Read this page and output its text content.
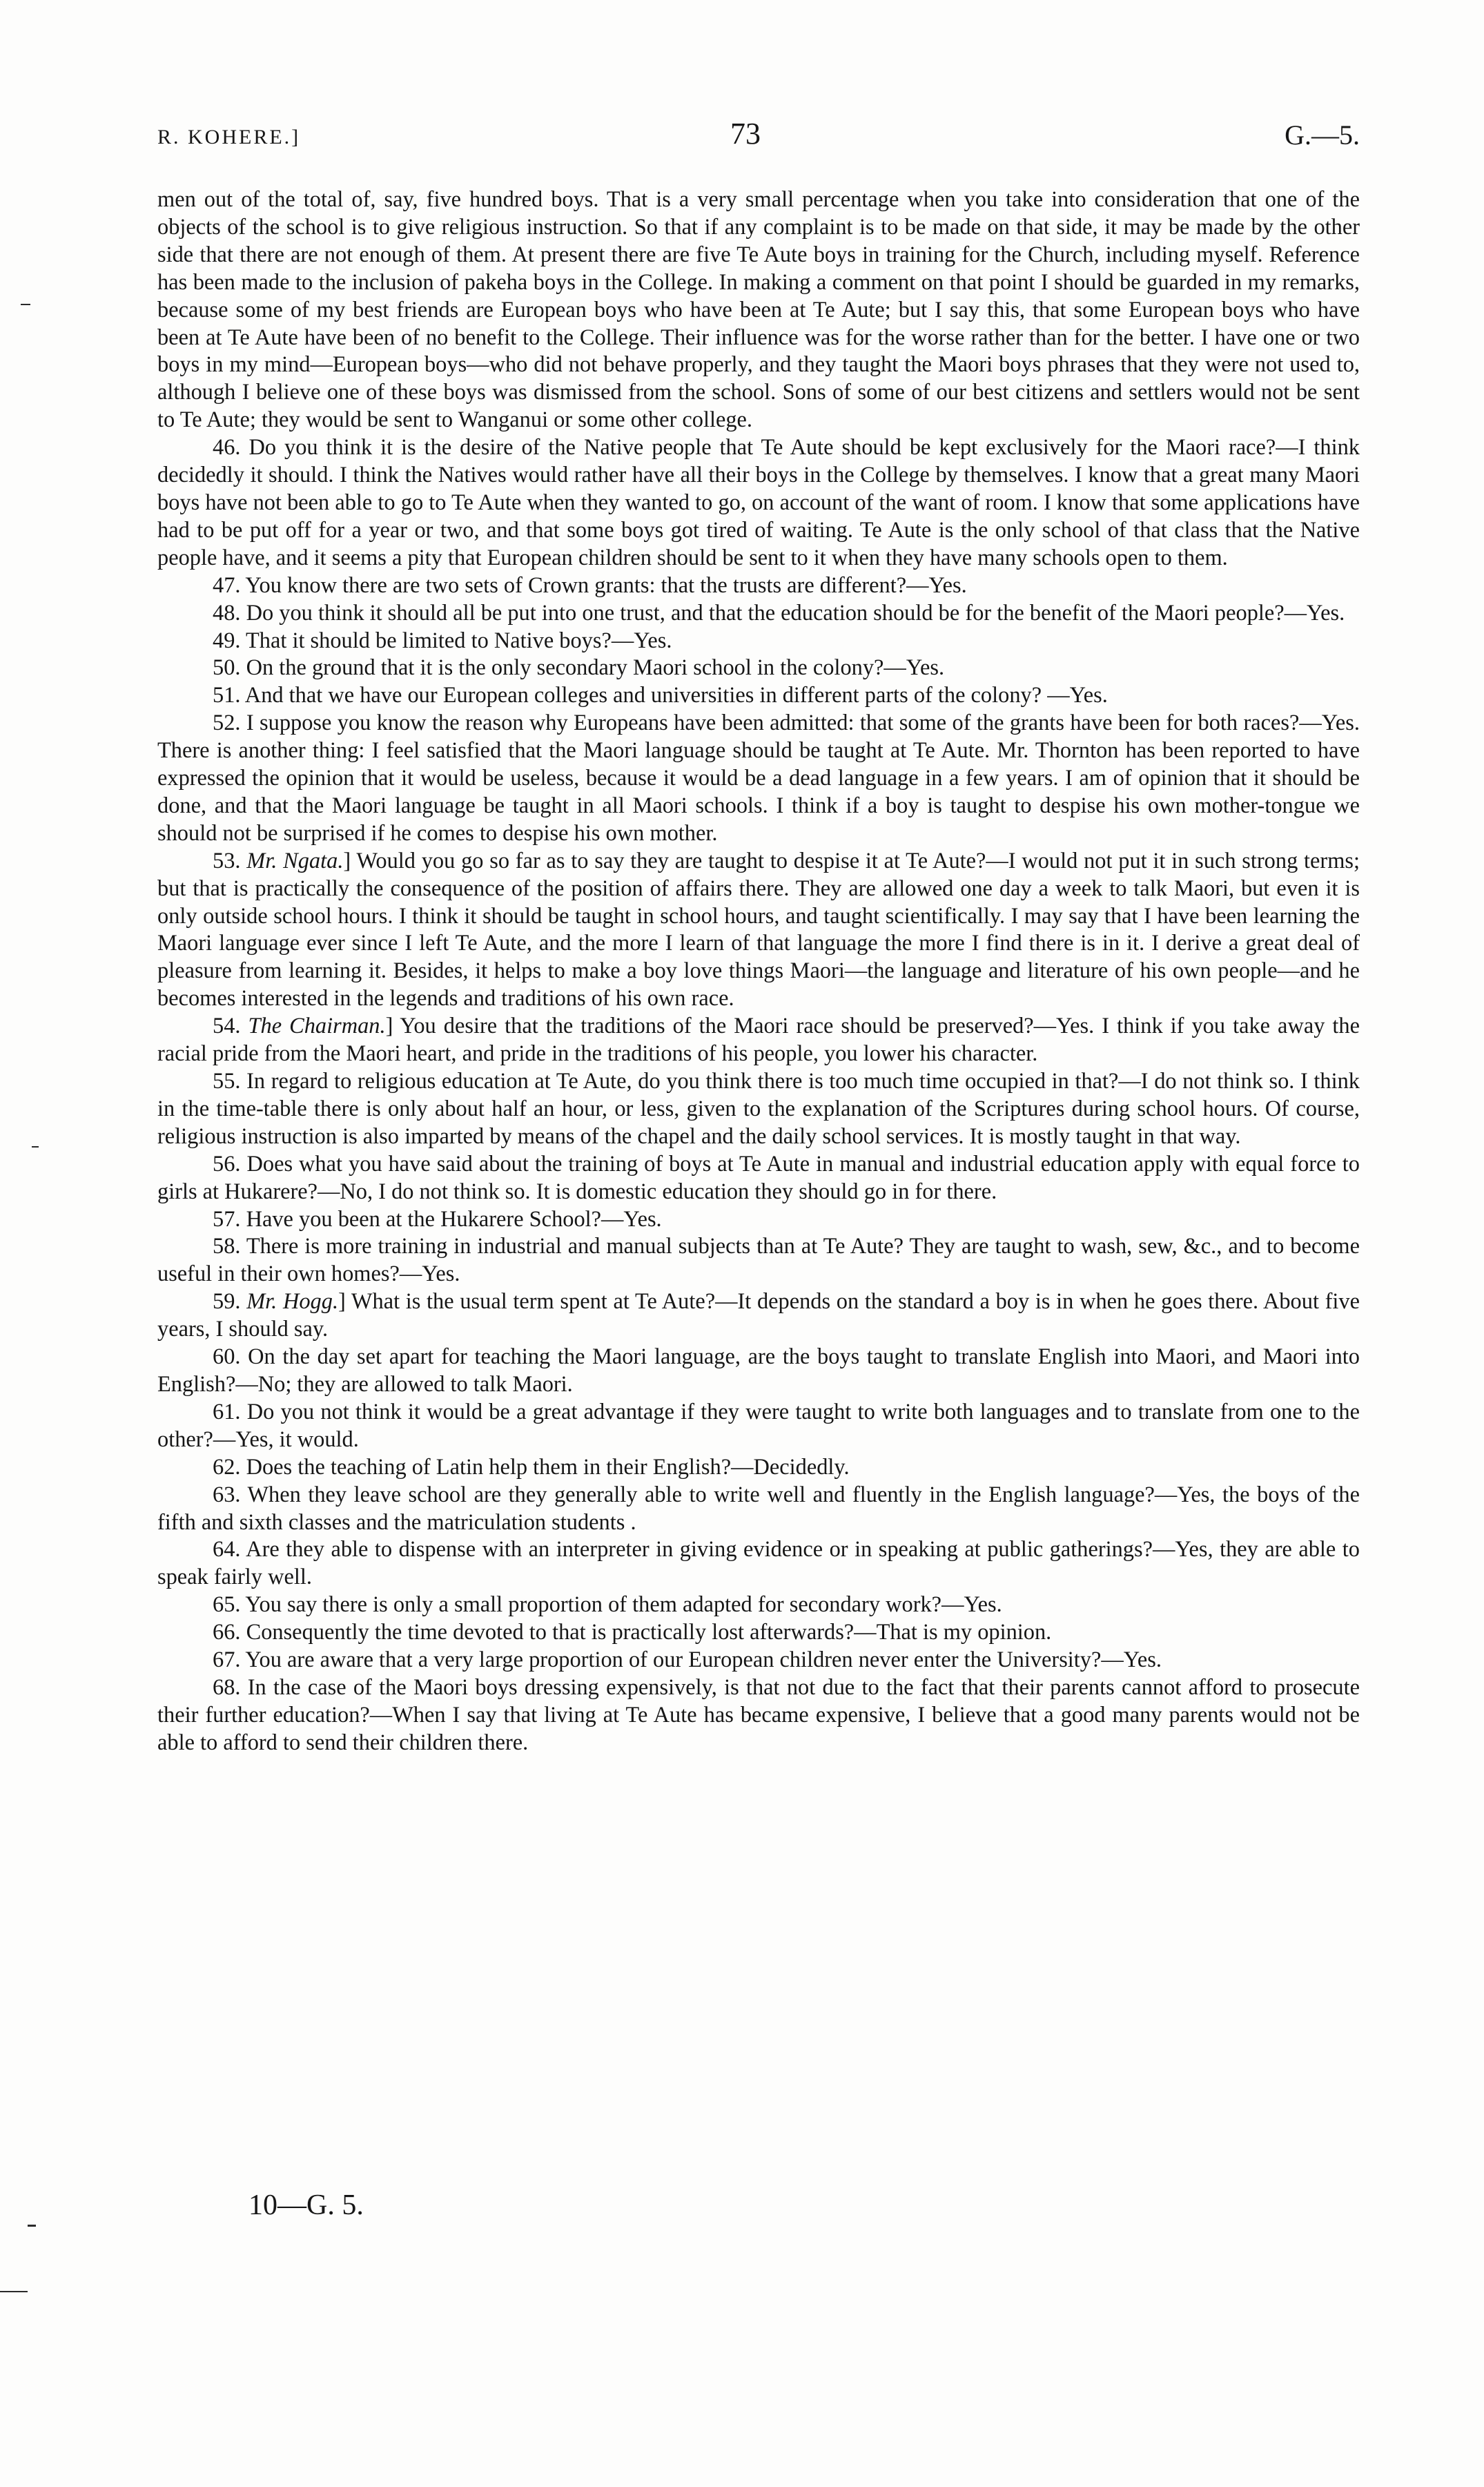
R. KOHERE.]	73	G.—5.

men out of the total of, say, five hundred boys. That is a very small percentage when you take into consideration that one of the objects of the school is to give religious instruction. So that if any complaint is to be made on that side, it may be made by the other side that there are not enough of them. At present there are five Te Aute boys in training for the Church, including myself. Reference has been made to the inclusion of pakeha boys in the College. In making a comment on that point I should be guarded in my remarks, because some of my best friends are European boys who have been at Te Aute; but I say this, that some European boys who have been at Te Aute have been of no benefit to the College. Their influence was for the worse rather than for the better. I have one or two boys in my mind—European boys—who did not behave properly, and they taught the Maori boys phrases that they were not used to, although I believe one of these boys was dismissed from the school. Sons of some of our best citizens and settlers would not be sent to Te Aute; they would be sent to Wanganui or some other college.

46. Do you think it is the desire of the Native people that Te Aute should be kept exclusively for the Maori race?—I think decidedly it should. I think the Natives would rather have all their boys in the College by themselves. I know that a great many Maori boys have not been able to go to Te Aute when they wanted to go, on account of the want of room. I know that some applications have had to be put off for a year or two, and that some boys got tired of waiting. Te Aute is the only school of that class that the Native people have, and it seems a pity that European children should be sent to it when they have many schools open to them.

47. You know there are two sets of Crown grants: that the trusts are different?—Yes.

48. Do you think it should all be put into one trust, and that the education should be for the benefit of the Maori people?—Yes.

49. That it should be limited to Native boys?—Yes.

50. On the ground that it is the only secondary Maori school in the colony?—Yes.

51. And that we have our European colleges and universities in different parts of the colony? —Yes.

52. I suppose you know the reason why Europeans have been admitted: that some of the grants have been for both races?—Yes. There is another thing: I feel satisfied that the Maori language should be taught at Te Aute. Mr. Thornton has been reported to have expressed the opinion that it would be useless, because it would be a dead language in a few years. I am of opinion that it should be done, and that the Maori language be taught in all Maori schools. I think if a boy is taught to despise his own mother-tongue we should not be surprised if he comes to despise his own mother.

53. Mr. Ngata.] Would you go so far as to say they are taught to despise it at Te Aute?—I would not put it in such strong terms; but that is practically the consequence of the position of affairs there. They are allowed one day a week to talk Maori, but even it is only outside school hours. I think it should be taught in school hours, and taught scientifically. I may say that I have been learning the Maori language ever since I left Te Aute, and the more I learn of that language the more I find there is in it. I derive a great deal of pleasure from learning it. Besides, it helps to make a boy love things Maori—the language and literature of his own people—and he becomes interested in the legends and traditions of his own race.

54. The Chairman.] You desire that the traditions of the Maori race should be preserved?—Yes. I think if you take away the racial pride from the Maori heart, and pride in the traditions of his people, you lower his character.

55. In regard to religious education at Te Aute, do you think there is too much time occupied in that?—I do not think so. I think in the time-table there is only about half an hour, or less, given to the explanation of the Scriptures during school hours. Of course, religious instruction is also imparted by means of the chapel and the daily school services. It is mostly taught in that way.

56. Does what you have said about the training of boys at Te Aute in manual and industrial education apply with equal force to girls at Hukarere?—No, I do not think so. It is domestic education they should go in for there.

57. Have you been at the Hukarere School?—Yes.

58. There is more training in industrial and manual subjects than at Te Aute? They are taught to wash, sew, &c., and to become useful in their own homes?—Yes.

59. Mr. Hogg.] What is the usual term spent at Te Aute?—It depends on the standard a boy is in when he goes there. About five years, I should say.

60. On the day set apart for teaching the Maori language, are the boys taught to translate English into Maori, and Maori into English?—No; they are allowed to talk Maori.

61. Do you not think it would be a great advantage if they were taught to write both languages and to translate from one to the other?—Yes, it would.

62. Does the teaching of Latin help them in their English?—Decidedly.

63. When they leave school are they generally able to write well and fluently in the English language?—Yes, the boys of the fifth and sixth classes and the matriculation students .

64. Are they able to dispense with an interpreter in giving evidence or in speaking at public gatherings?—Yes, they are able to speak fairly well.

65. You say there is only a small proportion of them adapted for secondary work?—Yes.

66. Consequently the time devoted to that is practically lost afterwards?—That is my opinion.

67. You are aware that a very large proportion of our European children never enter the University?—Yes.

68. In the case of the Maori boys dressing expensively, is that not due to the fact that their parents cannot afford to prosecute their further education?—When I say that living at Te Aute has became expensive, I believe that a good many parents would not be able to afford to send their children there.

10—G. 5.
